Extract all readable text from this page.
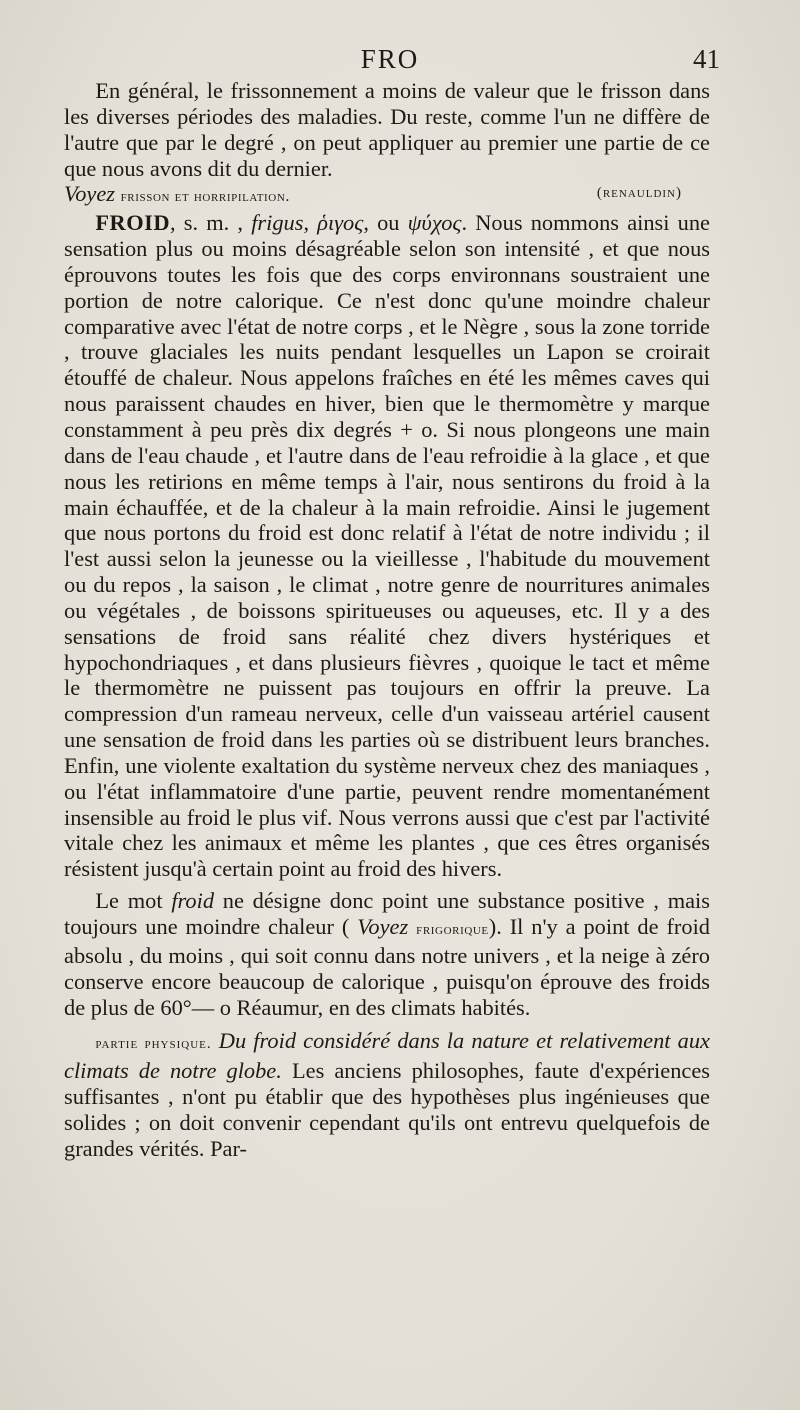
FRO	41

En général, le frissonnement a moins de valeur que le frisson dans les diverses périodes des maladies. Du reste, comme l'un ne diffère de l'autre que par le degré , on peut appliquer au premier une partie de ce que nous avons dit du dernier.

Voyez frisson et horripilation.	(renauldin)

FROID, s. m. , frigus, ῥιγος, ou ψύχος. Nous nommons ainsi une sensation plus ou moins désagréable selon son intensité , et que nous éprouvons toutes les fois que des corps environnans soustraient une portion de notre calorique. Ce n'est donc qu'une moindre chaleur comparative avec l'état de notre corps , et le Nègre , sous la zone torride , trouve glaciales les nuits pendant lesquelles un Lapon se croirait étouffé de chaleur. Nous appelons fraîches en été les mêmes caves qui nous paraissent chaudes en hiver, bien que le thermomètre y marque constamment à peu près dix degrés + o. Si nous plongeons une main dans de l'eau chaude , et l'autre dans de l'eau refroidie à la glace , et que nous les retirions en même temps à l'air, nous sentirons du froid à la main échauffée, et de la chaleur à la main refroidie. Ainsi le jugement que nous portons du froid est donc relatif à l'état de notre individu ; il l'est aussi selon la jeunesse ou la vieillesse , l'habitude du mouvement ou du repos , la saison , le climat , notre genre de nourritures animales ou végétales , de boissons spiritueuses ou aqueuses, etc. Il y a des sensations de froid sans réalité chez divers hystériques et hypochondriaques , et dans plusieurs fièvres , quoique le tact et même le thermomètre ne puissent pas toujours en offrir la preuve. La compression d'un rameau nerveux, celle d'un vaisseau artériel causent une sensation de froid dans les parties où se distribuent leurs branches. Enfin, une violente exaltation du système nerveux chez des maniaques , ou l'état inflammatoire d'une partie, peuvent rendre momentanément insensible au froid le plus vif. Nous verrons aussi que c'est par l'activité vitale chez les animaux et même les plantes , que ces êtres organisés résistent jusqu'à certain point au froid des hivers.

Le mot froid ne désigne donc point une substance positive , mais toujours une moindre chaleur ( Voyez frigorique). Il n'y a point de froid absolu , du moins , qui soit connu dans notre univers , et la neige à zéro conserve encore beaucoup de calorique , puisqu'on éprouve des froids de plus de 60°— o Réaumur, en des climats habités.

partie physique. Du froid considéré dans la nature et relativement aux climats de notre globe. Les anciens philosophes, faute d'expériences suffisantes , n'ont pu établir que des hypothèses plus ingénieuses que solides ; on doit convenir cependant qu'ils ont entrevu quelquefois de grandes vérités. Par-
